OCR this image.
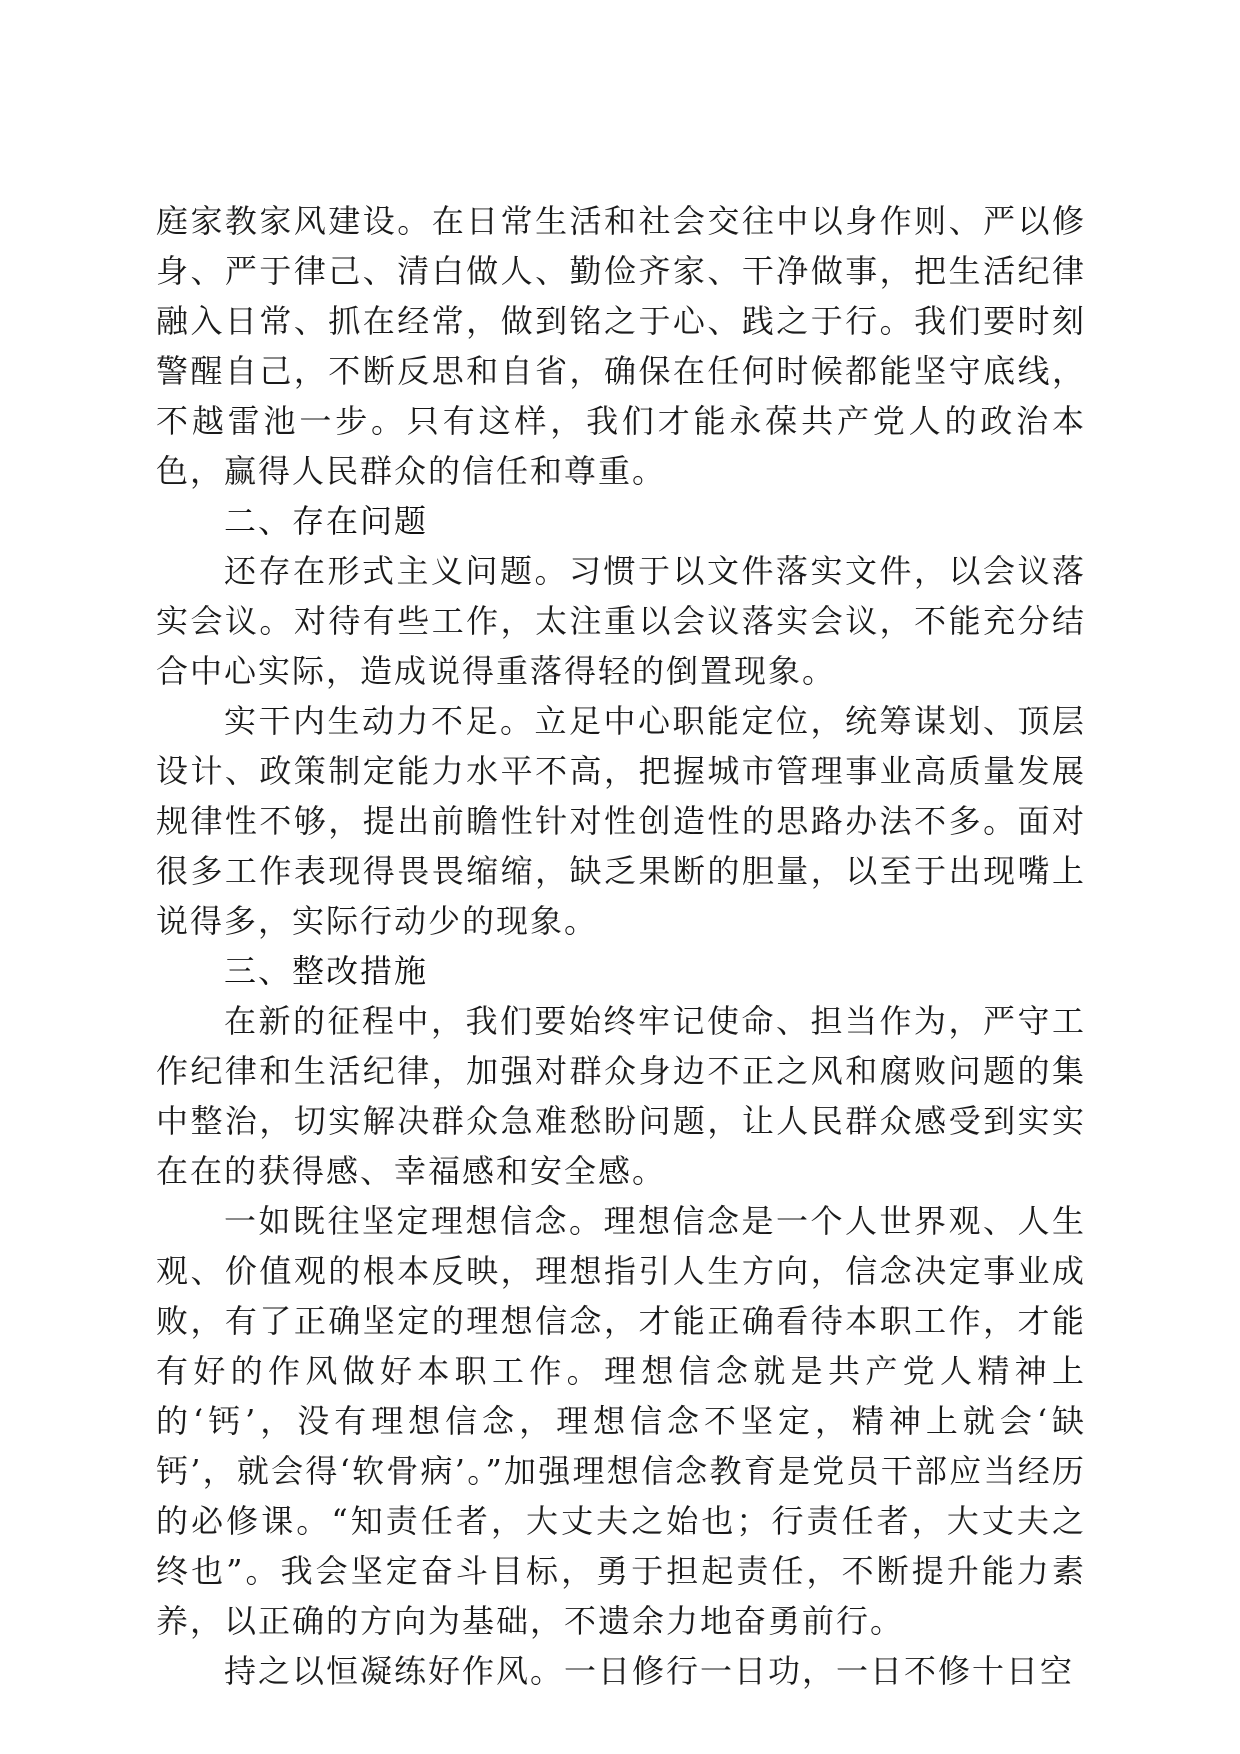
庭家教家风建设。在日常生活和社会交往中以身作则、严以修身、严于律己、清白做人、勤俭齐家、干净做事，把生活纪律融入日常、抓在经常，做到铭之于心、践之于行。我们要时刻警醒自己，不断反思和自省，确保在任何时候都能坚守底线，不越雷池一步。只有这样，我们才能永葆共产党人的政治本色，赢得人民群众的信任和尊重。

二、存在问题

还存在形式主义问题。习惯于以文件落实文件，以会议落实会议。对待有些工作，太注重以会议落实会议，不能充分结合中心实际，造成说得重落得轻的倒置现象。

实干内生动力不足。立足中心职能定位，统筹谋划、顶层设计、政策制定能力水平不高，把握城市管理事业高质量发展规律性不够，提出前瞻性针对性创造性的思路办法不多。面对很多工作表现得畏畏缩缩，缺乏果断的胆量，以至于出现嘴上说得多，实际行动少的现象。

三、整改措施

在新的征程中，我们要始终牢记使命、担当作为，严守工作纪律和生活纪律，加强对群众身边不正之风和腐败问题的集中整治，切实解决群众急难愁盼问题，让人民群众感受到实实在在的获得感、幸福感和安全感。

一如既往坚定理想信念。理想信念是一个人世界观、人生观、价值观的根本反映，理想指引人生方向，信念决定事业成败，有了正确坚定的理想信念，才能正确看待本职工作，才能有好的作风做好本职工作。理想信念就是共产党人精神上的‘钙’，没有理想信念，理想信念不坚定，精神上就会‘缺钙’，就会得‘软骨病’。”加强理想信念教育是党员干部应当经历的必修课。“知责任者，大丈夫之始也；行责任者，大丈夫之终也”。我会坚定奋斗目标，勇于担起责任，不断提升能力素养，以正确的方向为基础，不遗余力地奋勇前行。

持之以恒凝练好作风。一日修行一日功，一日不修十日空
